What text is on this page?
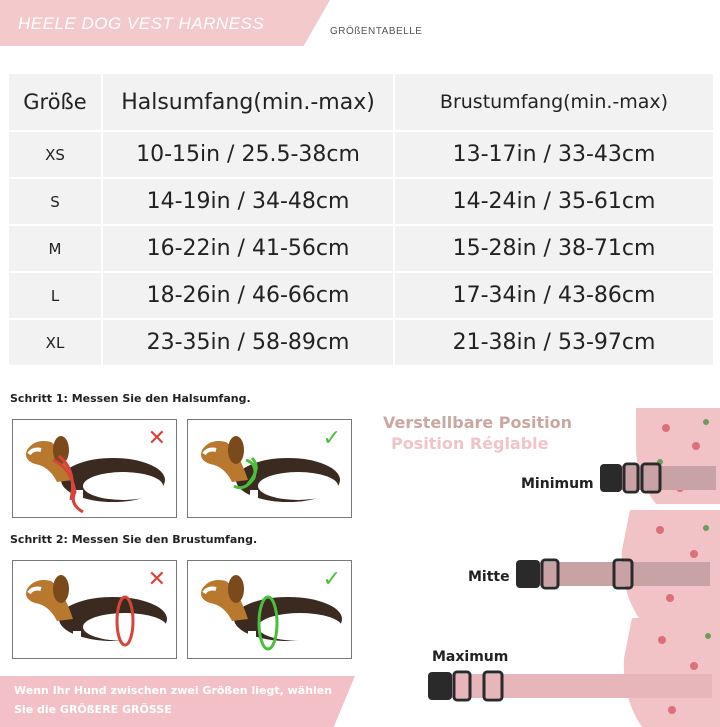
HEELE DOG VEST HARNESS	GRÖßENTABELLE
Größe	Halsumfang(min.-max)	Brustumfang(min.-max)
XS	10-15in / 25.5-38cm	13-17in / 33-43cm
S	14-19in / 34-48cm	14-24in / 35-61cm
M	16-22in / 41-56cm	15-28in / 38-71cm
L	18-26in / 46-66cm	17-34in / 43-86cm
XL	23-35in / 58-89cm	21-38in / 53-97cm
Schritt 1: Messen Sie den Halsumfang.
✕	✓
Schritt 2: Messen Sie den Brustumfang.
✕	✓
Verstellbare Position
Position Réglable
Minimum
Mitte
Maximum
Wenn Ihr Hund zwischen zwei Größen liegt, wählen Sie die GRÖßERE GRÖSSE
